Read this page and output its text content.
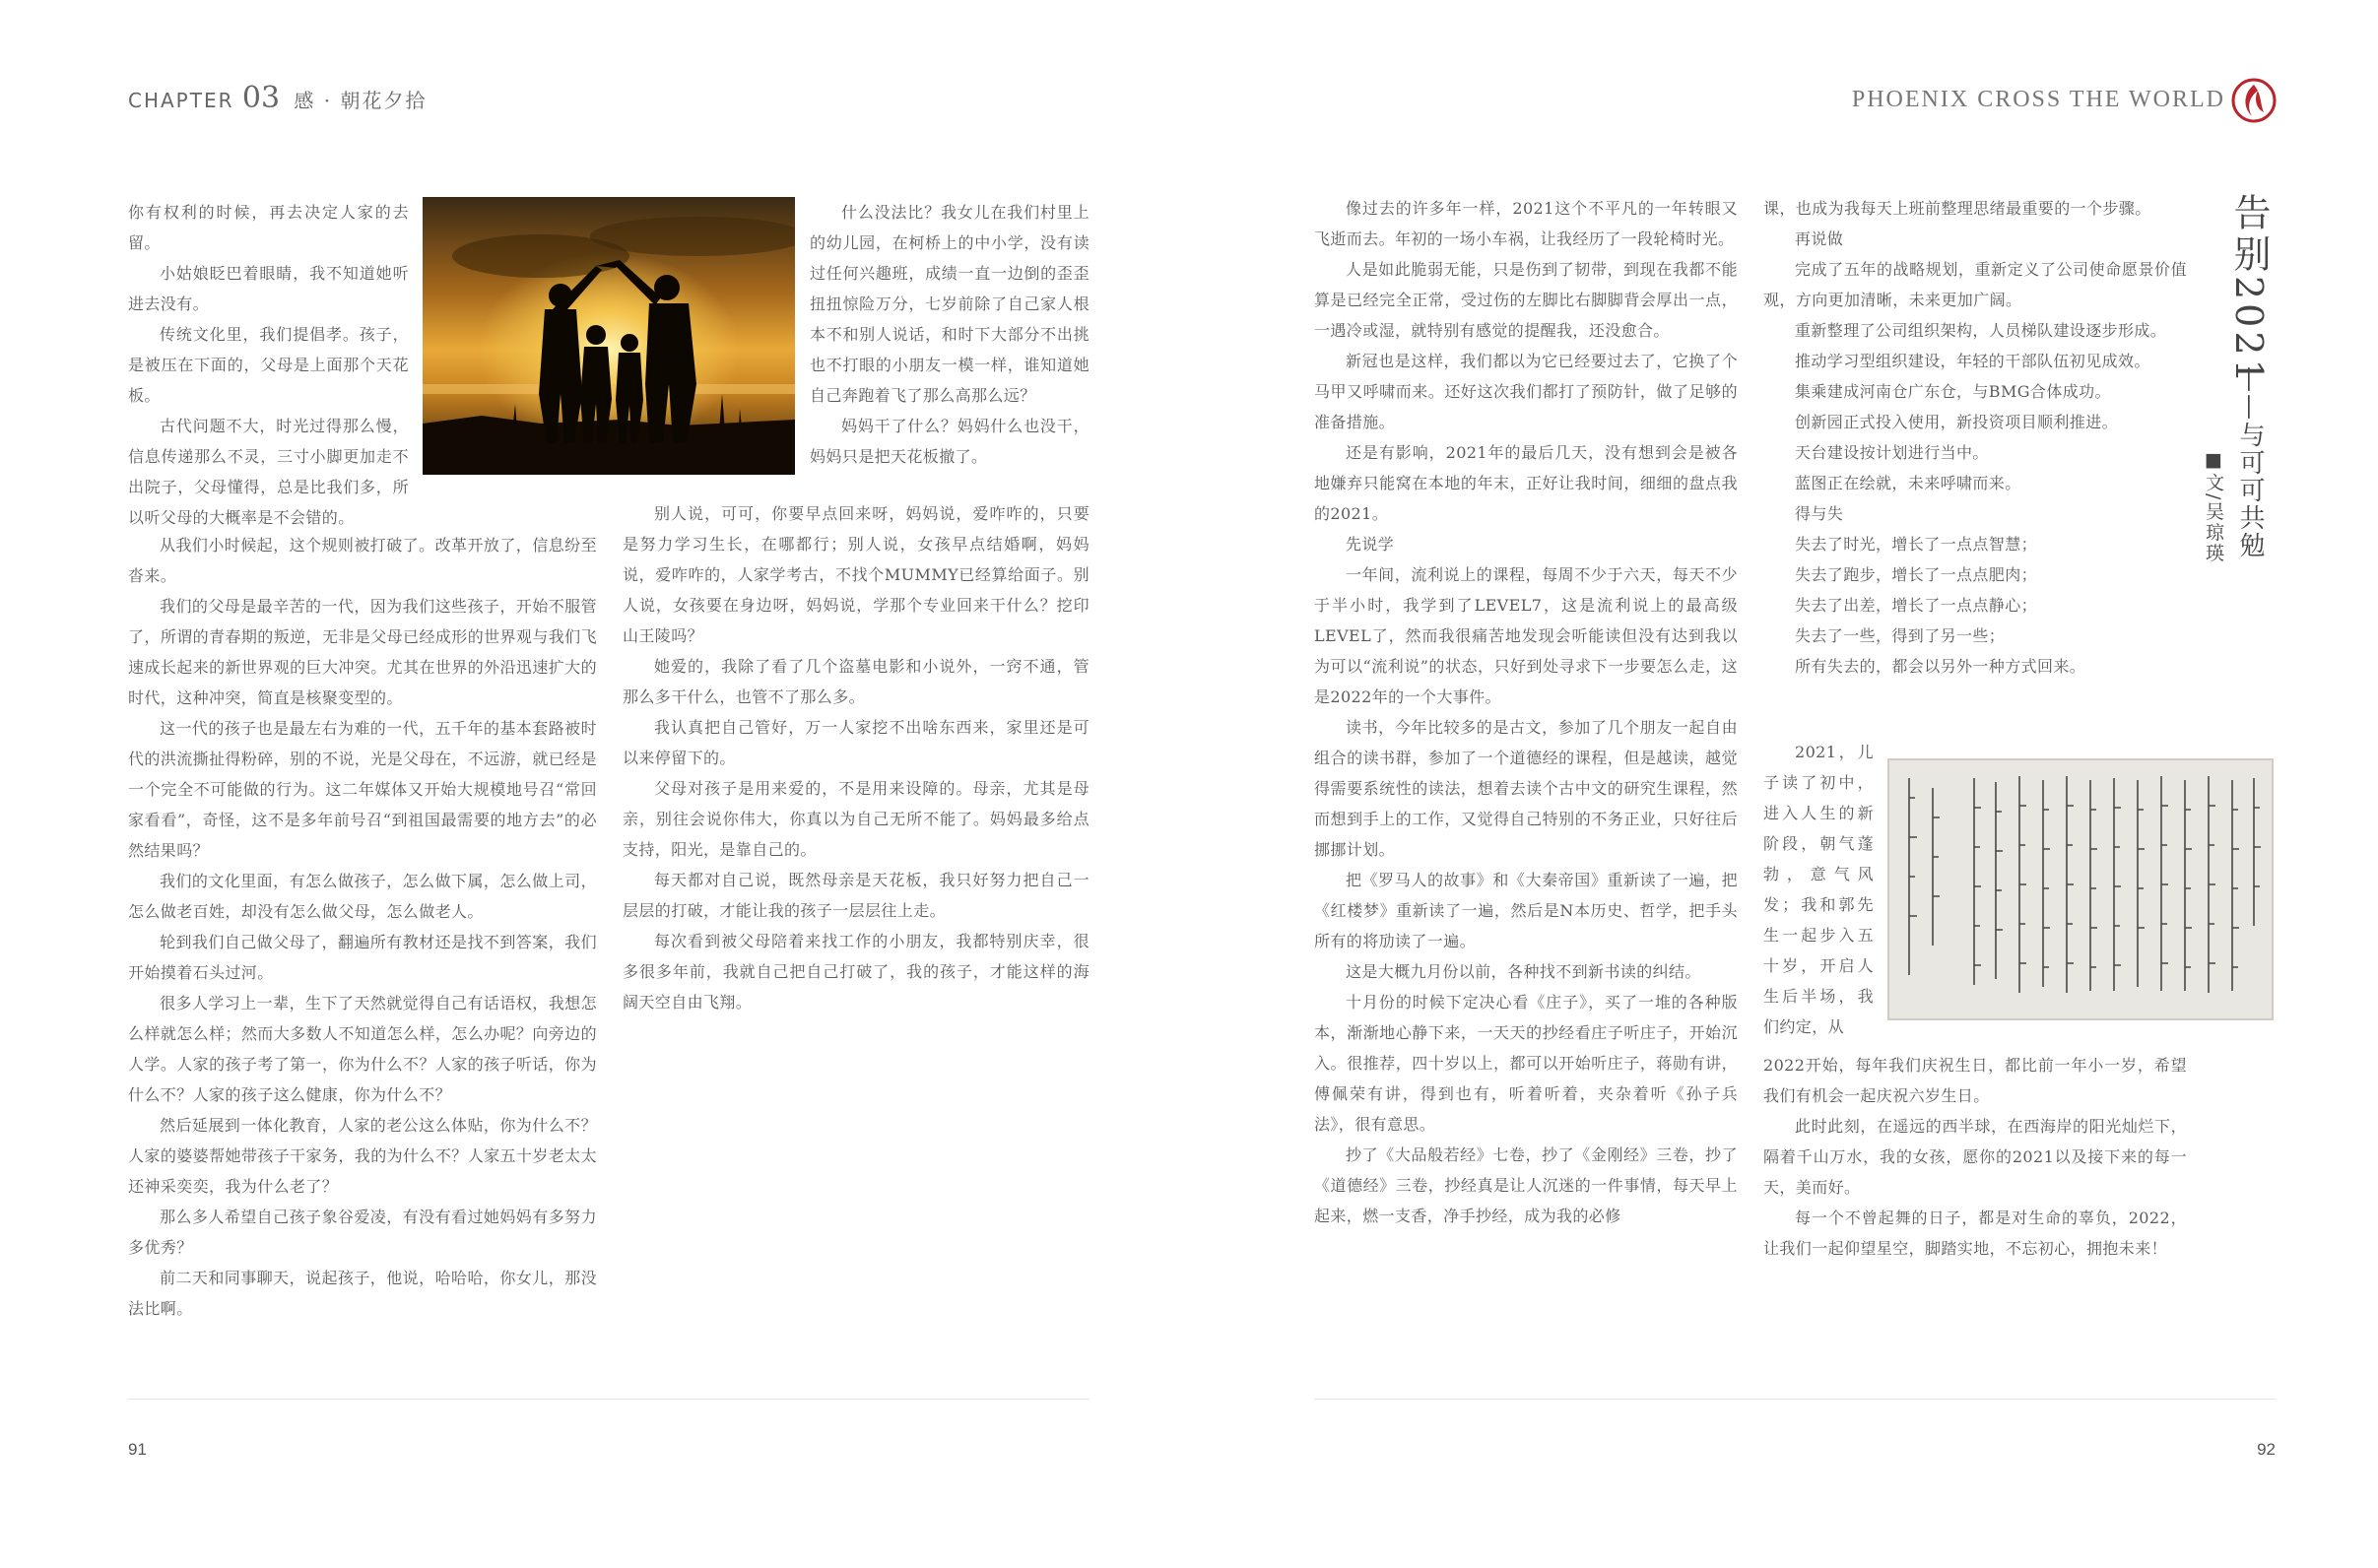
CHAPTER 03 感 · 朝花夕拾	PHOENIX CROSS THE WORLD

你有权利的时候，再去决定人家的去留。

小姑娘眨巴着眼睛，我不知道她听进去没有。

传统文化里，我们提倡孝。孩子，是被压在下面的，父母是上面那个天花板。

古代问题不大，时光过得那么慢，信息传递那么不灵，三寸小脚更加走不出院子，父母懂得，总是比我们多，所以听父母的大概率是不会错的。

从我们小时候起，这个规则被打破了。改革开放了，信息纷至沓来。

我们的父母是最辛苦的一代，因为我们这些孩子，开始不服管了，所谓的青春期的叛逆，无非是父母已经成形的世界观与我们飞速成长起来的新世界观的巨大冲突。尤其在世界的外沿迅速扩大的时代，这种冲突，简直是核聚变型的。

这一代的孩子也是最左右为难的一代，五千年的基本套路被时代的洪流撕扯得粉碎，别的不说，光是父母在，不远游，就已经是一个完全不可能做的行为。这二年媒体又开始大规模地号召“常回家看看”，奇怪，这不是多年前号召“到祖国最需要的地方去”的必然结果吗？

我们的文化里面，有怎么做孩子，怎么做下属，怎么做上司，怎么做老百姓，却没有怎么做父母，怎么做老人。

轮到我们自己做父母了，翻遍所有教材还是找不到答案，我们开始摸着石头过河。

很多人学习上一辈，生下了天然就觉得自己有话语权，我想怎么样就怎么样；然而大多数人不知道怎么样，怎么办呢？向旁边的人学。人家的孩子考了第一，你为什么不？人家的孩子听话，你为什么不？人家的孩子这么健康，你为什么不？

然后延展到一体化教育，人家的老公这么体贴，你为什么不？人家的婆婆帮她带孩子干家务，我的为什么不？人家五十岁老太太还神采奕奕，我为什么老了？

那么多人希望自己孩子象谷爱凌，有没有看过她妈妈有多努力多优秀？

前二天和同事聊天，说起孩子，他说，哈哈哈，你女儿，那没法比啊。

什么没法比？我女儿在我们村里上的幼儿园，在柯桥上的中小学，没有读过任何兴趣班，成绩一直一边倒的歪歪扭扭惊险万分，七岁前除了自己家人根本不和别人说话，和时下大部分不出挑也不打眼的小朋友一模一样，谁知道她自己奔跑着飞了那么高那么远？

妈妈干了什么？妈妈什么也没干，妈妈只是把天花板撤了。

别人说，可可，你要早点回来呀，妈妈说，爱咋咋的，只要是努力学习生长，在哪都行；别人说，女孩早点结婚啊，妈妈说，爱咋咋的，人家学考古，不找个MUMMY已经算给面子。别人说，女孩要在身边呀，妈妈说，学那个专业回来干什么？挖印山王陵吗？

她爱的，我除了看了几个盗墓电影和小说外，一窍不通，管那么多干什么，也管不了那么多。

我认真把自己管好，万一人家挖不出啥东西来，家里还是可以来停留下的。

父母对孩子是用来爱的，不是用来设障的。母亲，尤其是母亲，别往会说你伟大，你真以为自己无所不能了。妈妈最多给点支持，阳光，是靠自己的。

每天都对自己说，既然母亲是天花板，我只好努力把自己一层层的打破，才能让我的孩子一层层往上走。

每次看到被父母陪着来找工作的小朋友，我都特别庆幸，很多很多年前，我就自己把自己打破了，我的孩子，才能这样的海阔天空自由飞翔。

91

像过去的许多年一样，2021这个不平凡的一年转眼又飞逝而去。年初的一场小车祸，让我经历了一段轮椅时光。

人是如此脆弱无能，只是伤到了韧带，到现在我都不能算是已经完全正常，受过伤的左脚比右脚脚背会厚出一点，一遇冷或湿，就特别有感觉的提醒我，还没愈合。

新冠也是这样，我们都以为它已经要过去了，它换了个马甲又呼啸而来。还好这次我们都打了预防针，做了足够的准备措施。

还是有影响，2021年的最后几天，没有想到会是被各地嫌弃只能窝在本地的年末，正好让我时间，细细的盘点我的2021。

先说学

一年间，流利说上的课程，每周不少于六天，每天不少于半小时，我学到了LEVEL7，这是流利说上的最高级LEVEL了，然而我很痛苦地发现会听能读但没有达到我以为可以“流利说”的状态，只好到处寻求下一步要怎么走，这是2022年的一个大事件。

读书，今年比较多的是古文，参加了几个朋友一起自由组合的读书群，参加了一个道德经的课程，但是越读，越觉得需要系统性的读法，想着去读个古中文的研究生课程，然而想到手上的工作，又觉得自己特别的不务正业，只好往后挪挪计划。

把《罗马人的故事》和《大秦帝国》重新读了一遍，把《红楼梦》重新读了一遍，然后是N本历史、哲学，把手头所有的将劢读了一遍。

这是大概九月份以前，各种找不到新书读的纠结。

十月份的时候下定决心看《庄子》，买了一堆的各种版本，渐渐地心静下来，一天天的抄经看庄子听庄子，开始沉入。很推荐，四十岁以上，都可以开始听庄子，蒋勋有讲，傅佩荣有讲，得到也有，听着听着，夹杂着听《孙子兵法》，很有意思。

抄了《大品般若经》七卷，抄了《金刚经》三卷，抄了《道德经》三卷，抄经真是让人沉迷的一件事情，每天早上起来，燃一支香，净手抄经，成为我的必修

课，也成为我每天上班前整理思绪最重要的一个步骤。

再说做

完成了五年的战略规划，重新定义了公司使命愿景价值观，方向更加清晰，未来更加广阔。

重新整理了公司组织架构，人员梯队建设逐步形成。

推动学习型组织建设，年轻的干部队伍初见成效。

集乘建成河南仓广东仓，与BMG合体成功。

创新园正式投入使用，新投资项目顺利推进。

天台建设按计划进行当中。

蓝图正在绘就，未来呼啸而来。

得与失

失去了时光，增长了一点点智慧；

失去了跑步，增长了一点点肥肉；

失去了出差，增长了一点点静心；

失去了一些，得到了另一些；

所有失去的，都会以另外一种方式回来。

2021，儿子读了初中，进入人生的新阶段，朝气蓬勃，意气风发；我和郭先生一起步入五十岁，开启人生后半场，我们约定，从

2022开始，每年我们庆祝生日，都比前一年小一岁，希望我们有机会一起庆祝六岁生日。

此时此刻，在遥远的西半球，在西海岸的阳光灿烂下，隔着千山万水，我的女孩，愿你的2021以及接下来的每一天，美而好。

每一个不曾起舞的日子，都是对生命的辜负，2022，让我们一起仰望星空，脚踏实地，不忘初心，拥抱未来！

告别2021
——与可可共勉
■文/吴琼瑛
92
